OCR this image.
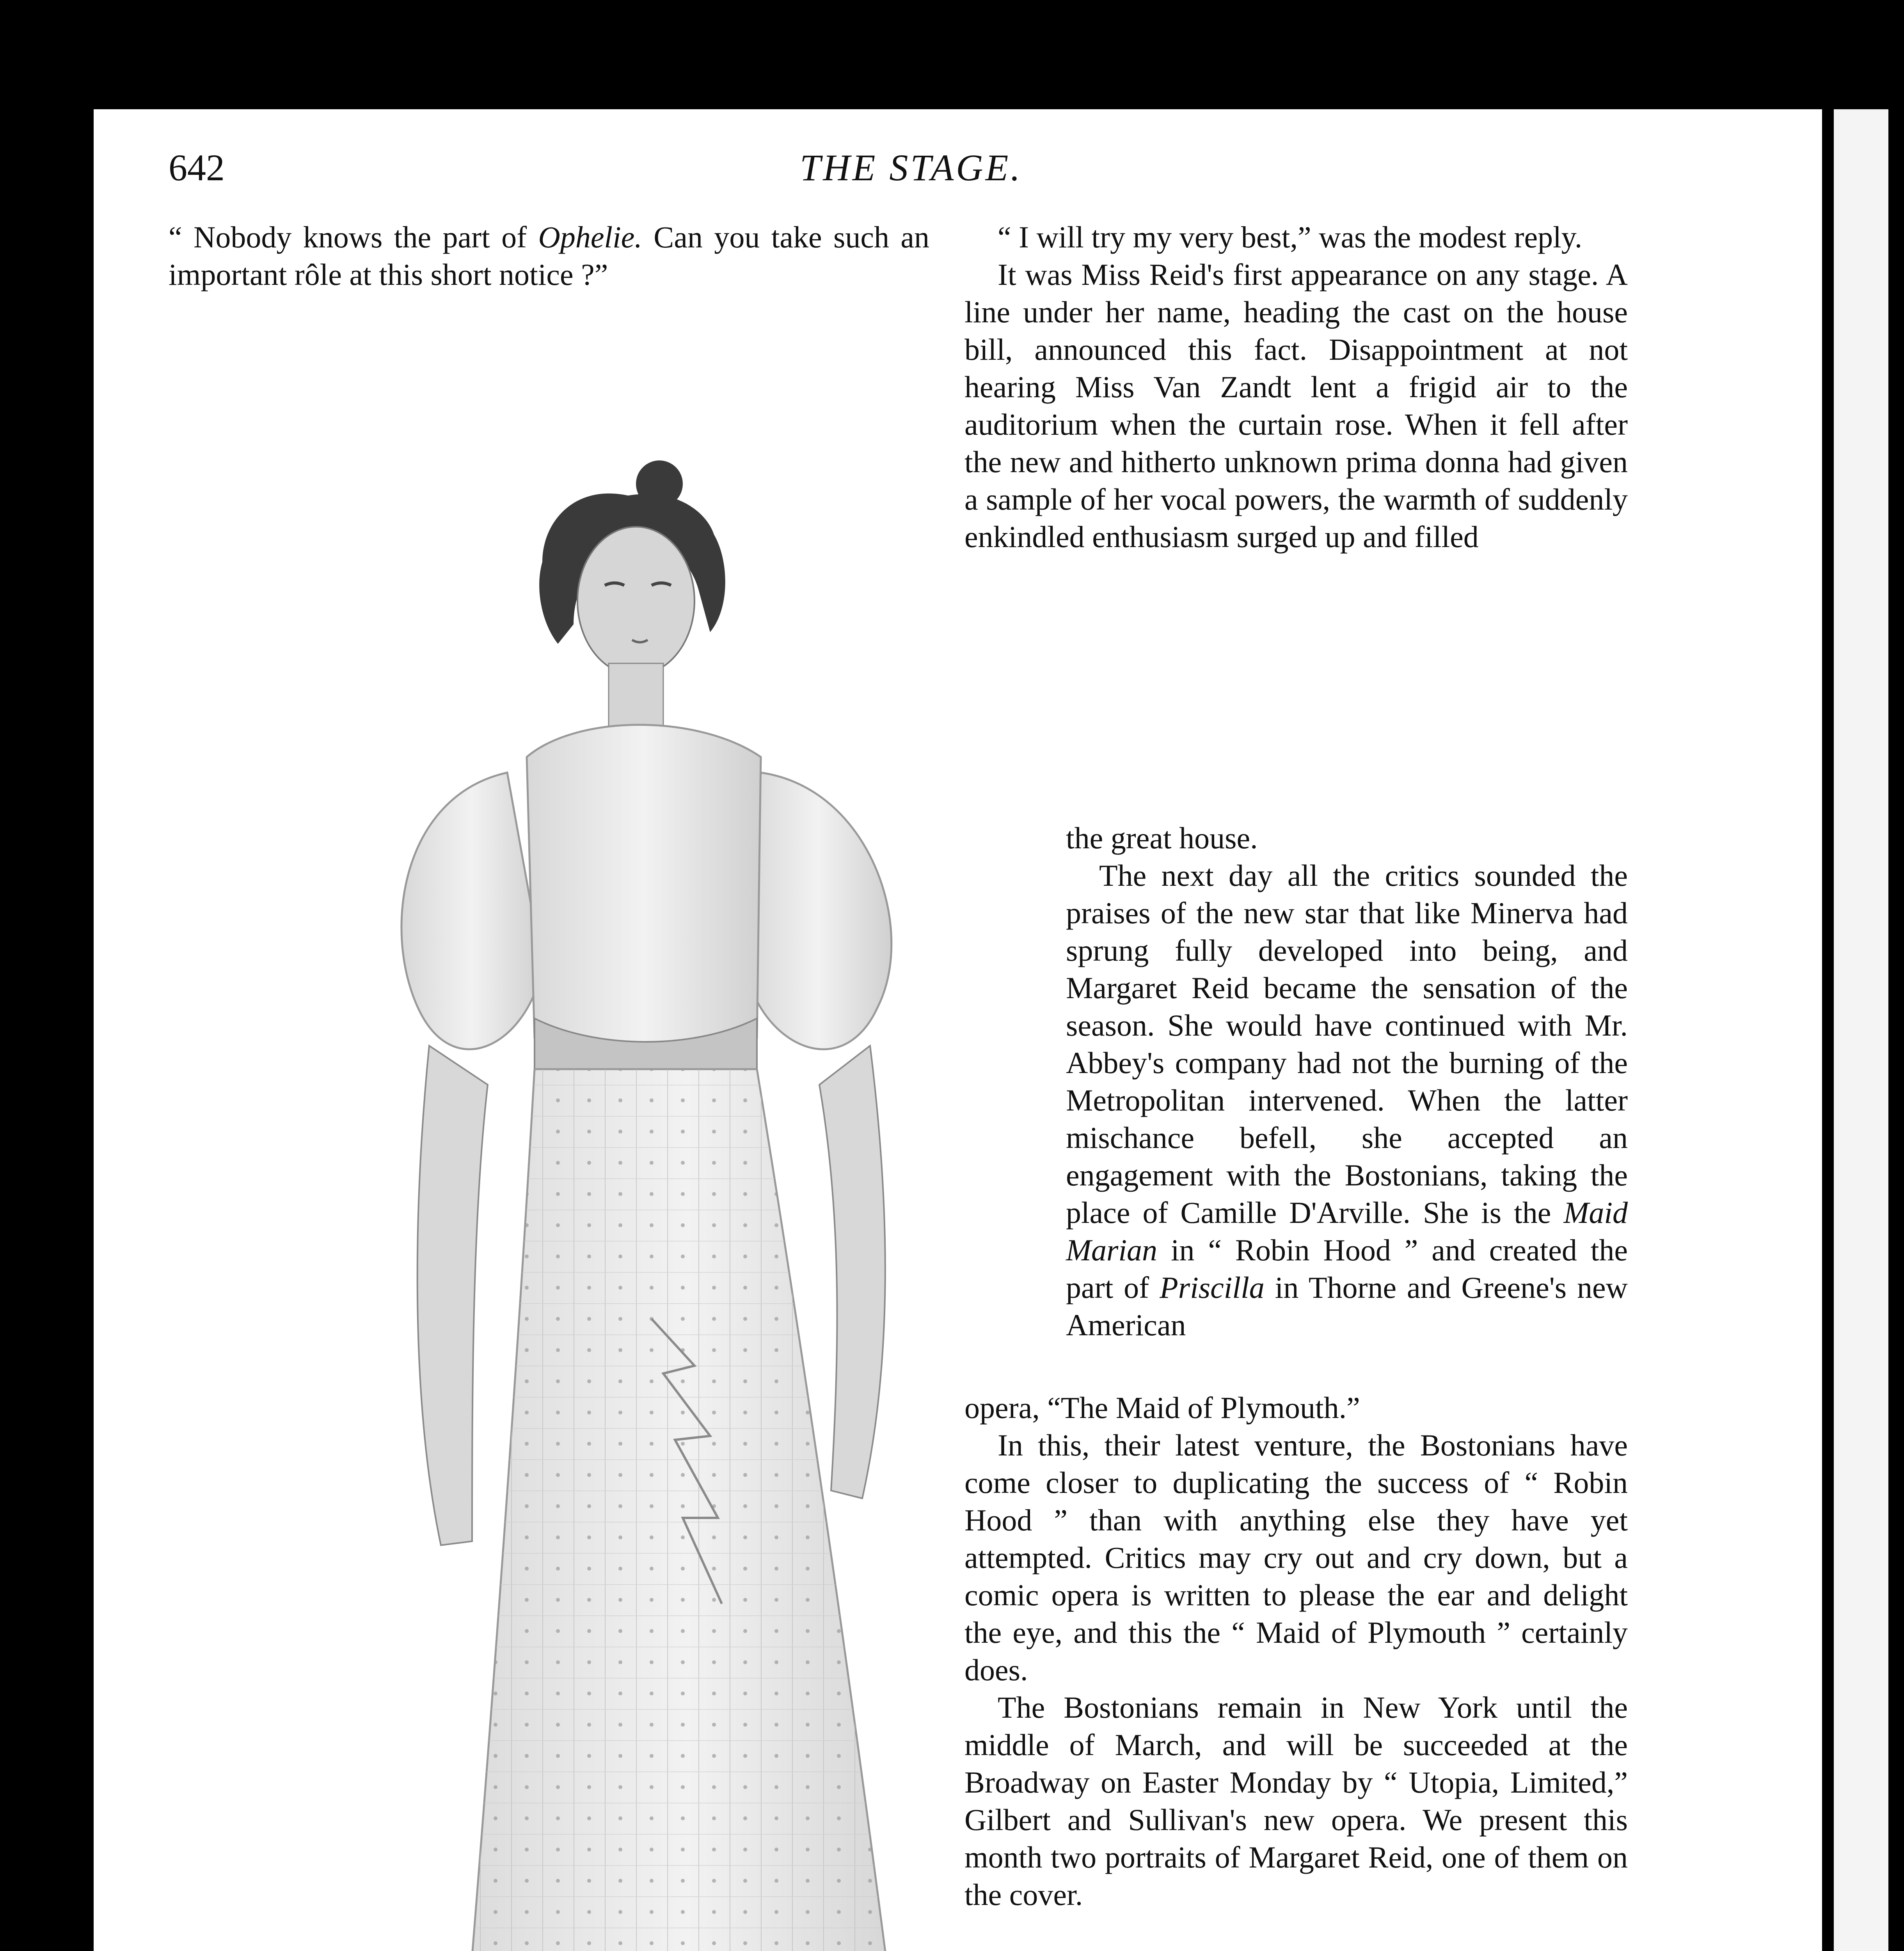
642	THE STAGE.

“ Nobody knows the part of Ophelie. Can you take such an important rôle at this short notice ?”

“ I will try my very best,” was the modest reply.

It was Miss Reid's first appearance on any stage. A line under her name, heading the cast on the house bill, announced this fact. Disappointment at not hearing Miss Van Zandt lent a frigid air to the auditorium when the curtain rose. When it fell after the new and hitherto unknown prima donna had given a sample of her vocal powers, the warmth of suddenly enkindled enthusiasm surged up and filled

the great house.

The next day all the critics sounded the praises of the new star that like Minerva had sprung fully developed into being, and Margaret Reid became the sensation of the season. She would have continued with Mr. Abbey's company had not the burning of the Metropolitan intervened. When the latter mischance befell, she accepted an engagement with the Bostonians, taking the place of Camille D'Arville. She is the Maid Marian in “ Robin Hood ” and created the part of Priscilla in Thorne and Greene's new American

opera, “The Maid of Plymouth.”

In this, their latest venture, the Bostonians have come closer to duplicating the success of “ Robin Hood ” than with anything else they have yet attempted. Critics may cry out and cry down, but a comic opera is written to please the ear and delight the eye, and this the “ Maid of Plymouth ” certainly does.

The Bostonians remain in New York until the middle of March, and will be succeeded at the Broadway on Easter Monday by “ Utopia, Limited,” Gilbert and Sullivan's new opera. We present this month two portraits of Margaret Reid, one of them on the cover.
